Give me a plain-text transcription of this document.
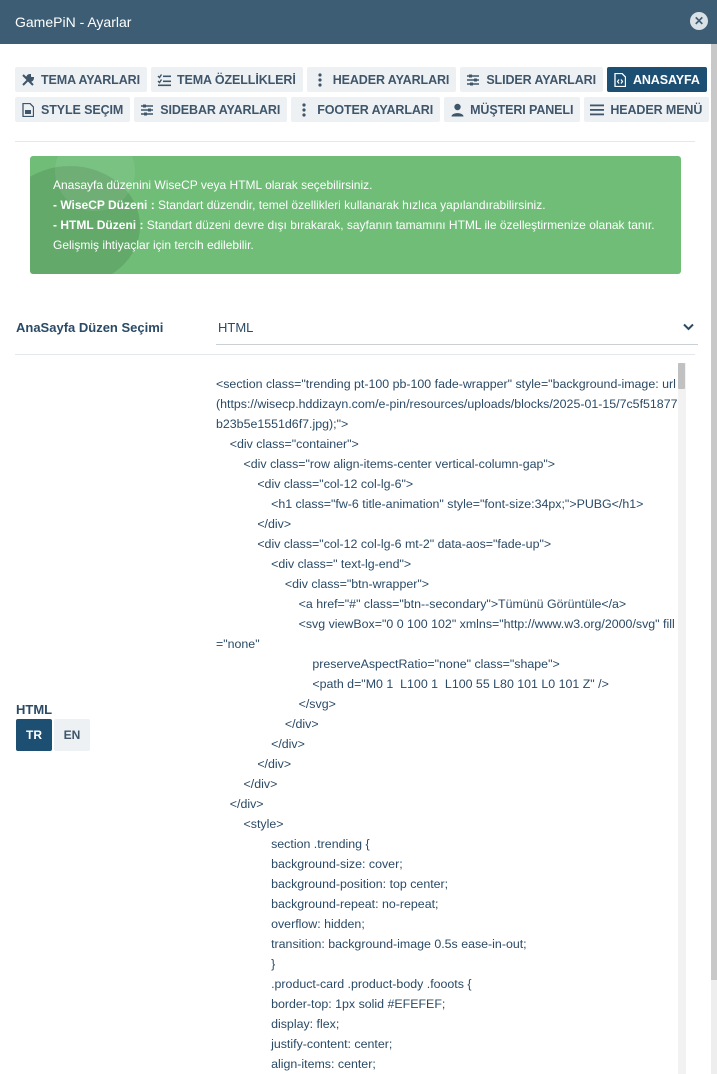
GamePiN - Ayarlar	✕
TEMA AYARLARI	TEMA ÖZELLİKLERİ	HEADER AYARLARI	SLIDER AYARLARI	ANASAYFA
STYLE SEÇIM	SIDEBAR AYARLARI	FOOTER AYARLARI	MÜŞTERI PANELI	HEADER MENÜ
Anasayfa düzenini WiseCP veya HTML olarak seçebilirsiniz.
- WiseCP Düzeni : Standart düzendir, temel özellikleri kullanarak hızlıca yapılandırabilirsiniz.
- HTML Düzeni : Standart düzeni devre dışı bırakarak, sayfanın tamamını HTML ile özelleştirmenize olanak tanır. Gelişmiş ihtiyaçlar için tercih edilebilir.
AnaSayfa Düzen Seçimi	HTML
HTML
TR	EN
<section class="trending pt-100 pb-100 fade-wrapper" style="background-image: url(https://wisecp.hddizayn.com/e-pin/resources/uploads/blocks/2025-01-15/7c5f51877b23b5e1551d6f7.jpg);">
<div class="container">
<div class="row align-items-center vertical-column-gap">
<div class="col-12 col-lg-6">
<h1 class="fw-6 title-animation" style="font-size:34px;">PUBG</h1>
</div>
<div class="col-12 col-lg-6 mt-2" data-aos="fade-up">
<div class=" text-lg-end">
<div class="btn-wrapper">
<a href="#" class="btn--secondary">Tümünü Görüntüle</a>
<svg viewBox="0 0 100 102" xmlns="http://www.w3.org/2000/svg" fill="none"
preserveAspectRatio="none" class="shape">
<path d="M0 1  L100 1  L100 55 L80 101 L0 101 Z" />
</svg>
</div>
</div>
</div>
</div>
</div>
<style>
section .trending {
background-size: cover;
background-position: top center;
background-repeat: no-repeat;
overflow: hidden;
transition: background-image 0.5s ease-in-out;
}
.product-card .product-body .fooots {
border-top: 1px solid #EFEFEF;
display: flex;
justify-content: center;
align-items: center;
